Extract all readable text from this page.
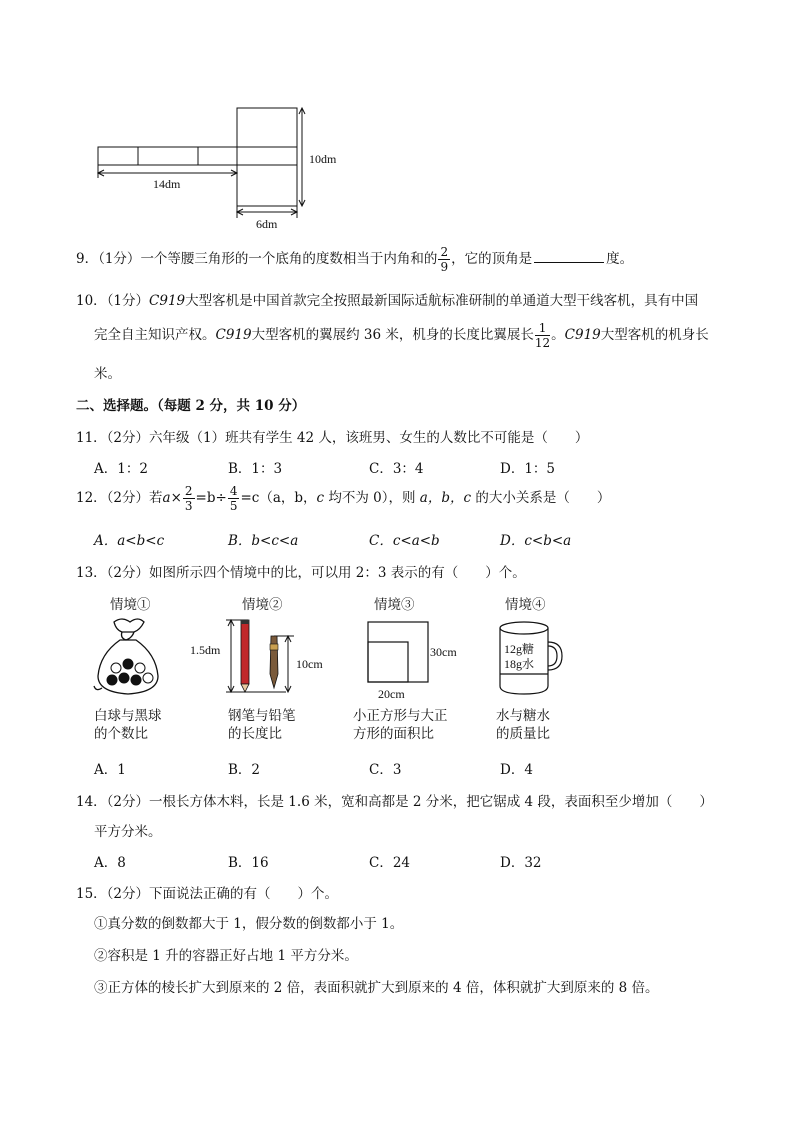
14dm
10dm
6dm
9．（1分）一个等腰三角形的一个底角的度数相当于内角和的 $\frac{2}{9}$ ，它的顶角是	度。
10．（1分）C919大型客机是中国首款完全按照最新国际适航标准研制的单通道大型干线客机，具有中国
完全自主知识产权。C919大型客机的翼展约 36 米，机身的长度比翼展长 $\frac{1}{12}$ 。C919大型客机的机身长
米。
二、选择题。（每题 2 分，共 10 分）
11．（2分）六年级（1）班共有学生 42 人，该班男、女生的人数比不可能是（　　）
A．1：2	B．1：3	C．3：4	D．1：5
12．（2分）若$a\times \frac{2}{3} =b\div \frac{4}{5} =c(a$，b，c 均不为 0），则 a，b，c 的大小关系是（　　）
A．a<b<c	B．b<c<a	C．c<a<b	D．c<b<a
13．（2分）如图所示四个情境中的比，可以用 2：3 表示的有（　　）个。
情境①	情境②	情境③	情境④
1.5dm
10cm
30cm
20cm
12g糖
18g水
白球与黑球
的个数比
钢笔与铅笔
的长度比
小正方形与大正
方形的面积比
水与糖水
的质量比
A．1	B．2	C．3	D．4
14．（2分）一根长方体木料，长是 1.6 米，宽和高都是 2 分米，把它锯成 4 段，表面积至少增加（　　）
平方分米。
A．8	B．16	C．24	D．32
15．（2分）下面说法正确的有（　　）个。
①真分数的倒数都大于 1，假分数的倒数都小于 1。
②容积是 1 升的容器正好占地 1 平方分米。
③正方体的棱长扩大到原来的 2 倍，表面积就扩大到原来的 4 倍，体积就扩大到原来的 8 倍。
